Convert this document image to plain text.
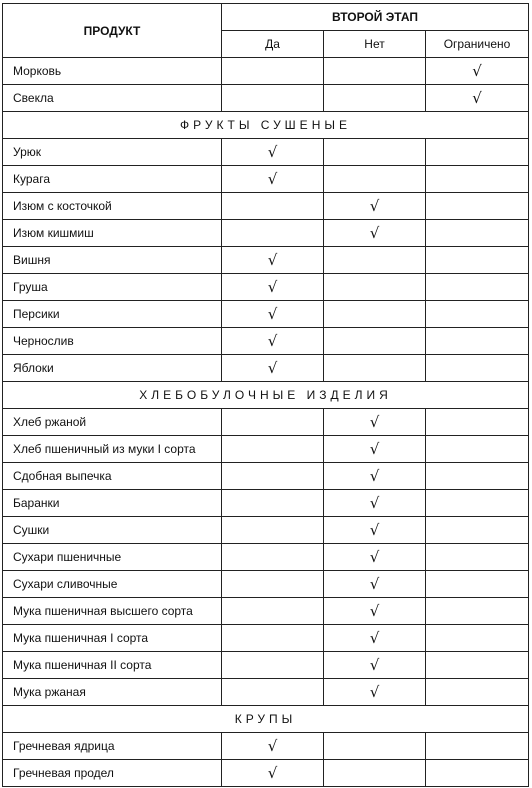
ПРОДУКТ	ВТОРОЙ ЭТАП		
	Да	Нет	Ограничено
Морковь			√
Свекла			√
ФРУКТЫ СУШЕНЫЕ			
Урюк	√		
Курага	√		
Изюм с косточкой		√	
Изюм кишмиш		√	
Вишня	√		
Груша	√		
Персики	√		
Чернослив	√		
Яблоки	√		
ХЛЕБОБУЛОЧНЫЕ ИЗДЕЛИЯ			
Хлеб ржаной		√	
Хлеб пшеничный из муки I сорта		√	
Сдобная выпечка		√	
Баранки		√	
Сушки		√	
Сухари пшеничные		√	
Сухари сливочные		√	
Мука пшеничная высшего сорта		√	
Мука пшеничная I сорта		√	
Мука пшеничная II сорта		√	
Мука ржаная		√	
КРУПЫ			
Гречневая ядрица	√		
Гречневая продел	√		
